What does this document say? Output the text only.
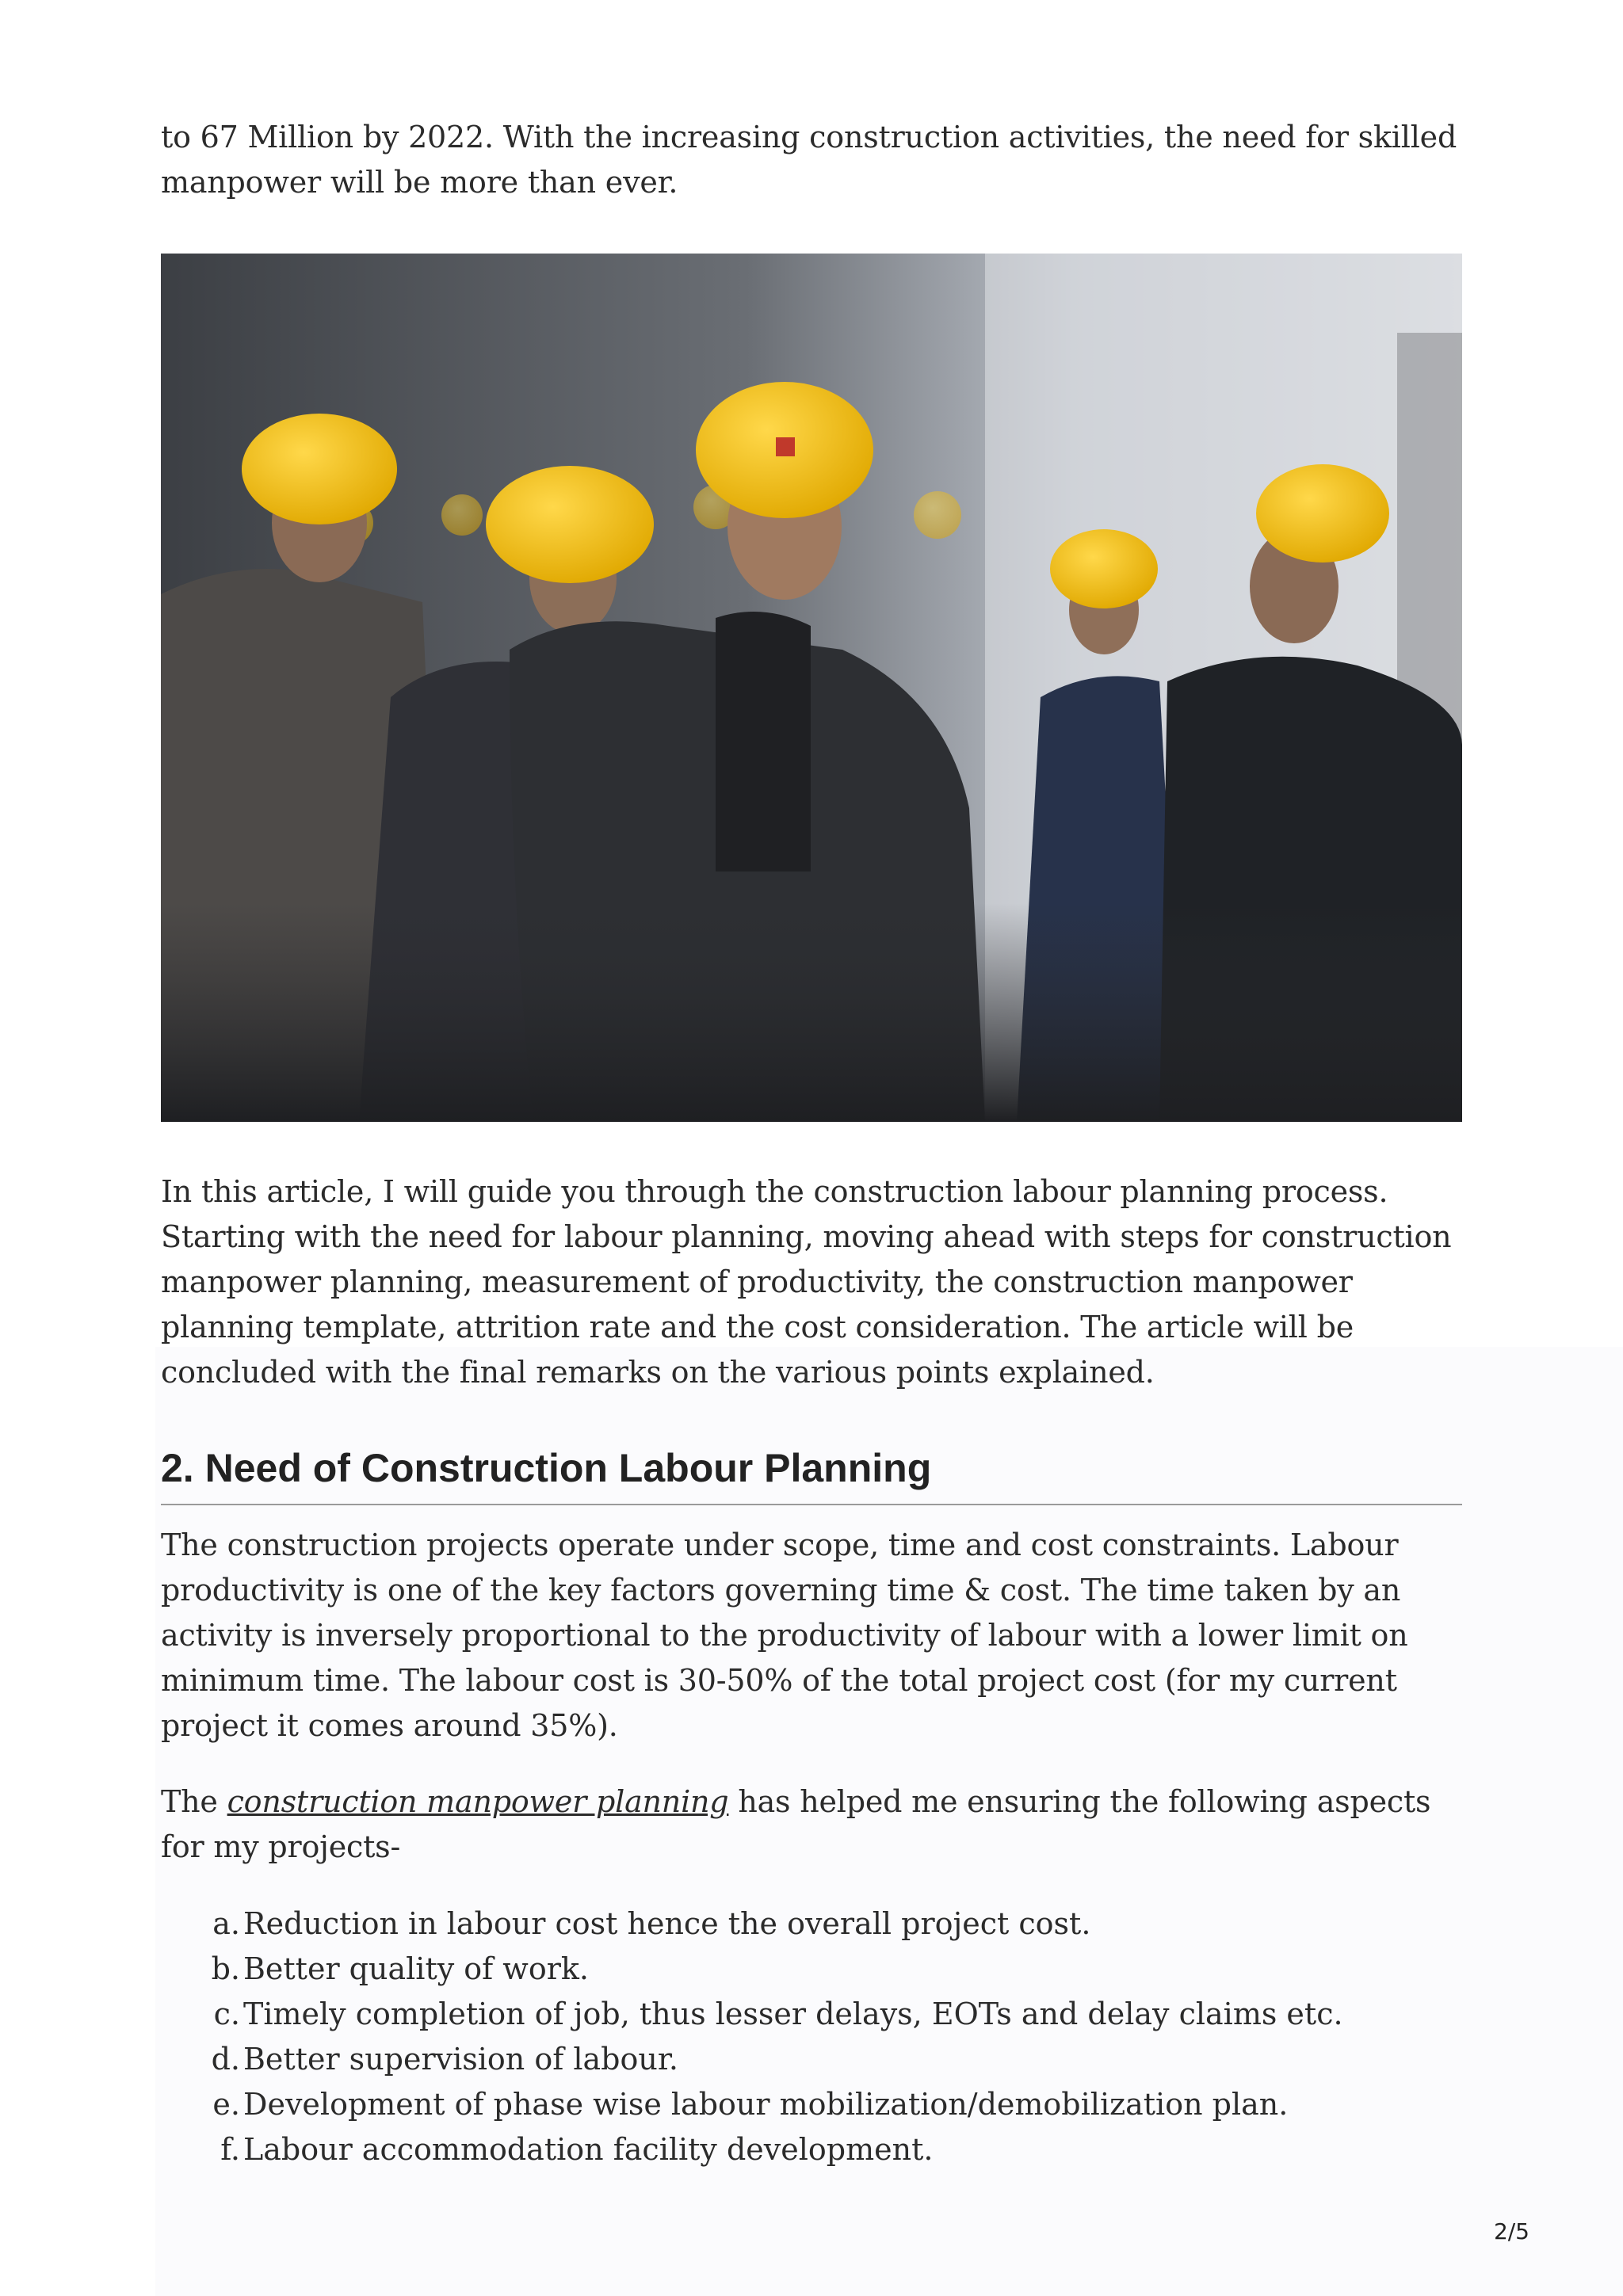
to 67 Million by 2022. With the increasing construction activities, the need for skilled manpower will be more than ever.

In this article, I will guide you through the construction labour planning process. Starting with the need for labour planning, moving ahead with steps for construction manpower planning, measurement of productivity, the construction manpower planning template, attrition rate and the cost consideration. The article will be concluded with the final remarks on the various points explained.

2. Need of Construction Labour Planning

The construction projects operate under scope, time and cost constraints. Labour productivity is one of the key factors governing time & cost. The time taken by an activity is inversely proportional to the productivity of labour with a lower limit on minimum time. The labour cost is 30-50% of the total project cost (for my current project it comes around 35%).

The construction manpower planning has helped me ensuring the following aspects for my projects-

a. Reduction in labour cost hence the overall project cost.
b. Better quality of work.
c. Timely completion of job, thus lesser delays, EOTs and delay claims etc.
d. Better supervision of labour.
e. Development of phase wise labour mobilization/demobilization plan.
f. Labour accommodation facility development.
2/5
